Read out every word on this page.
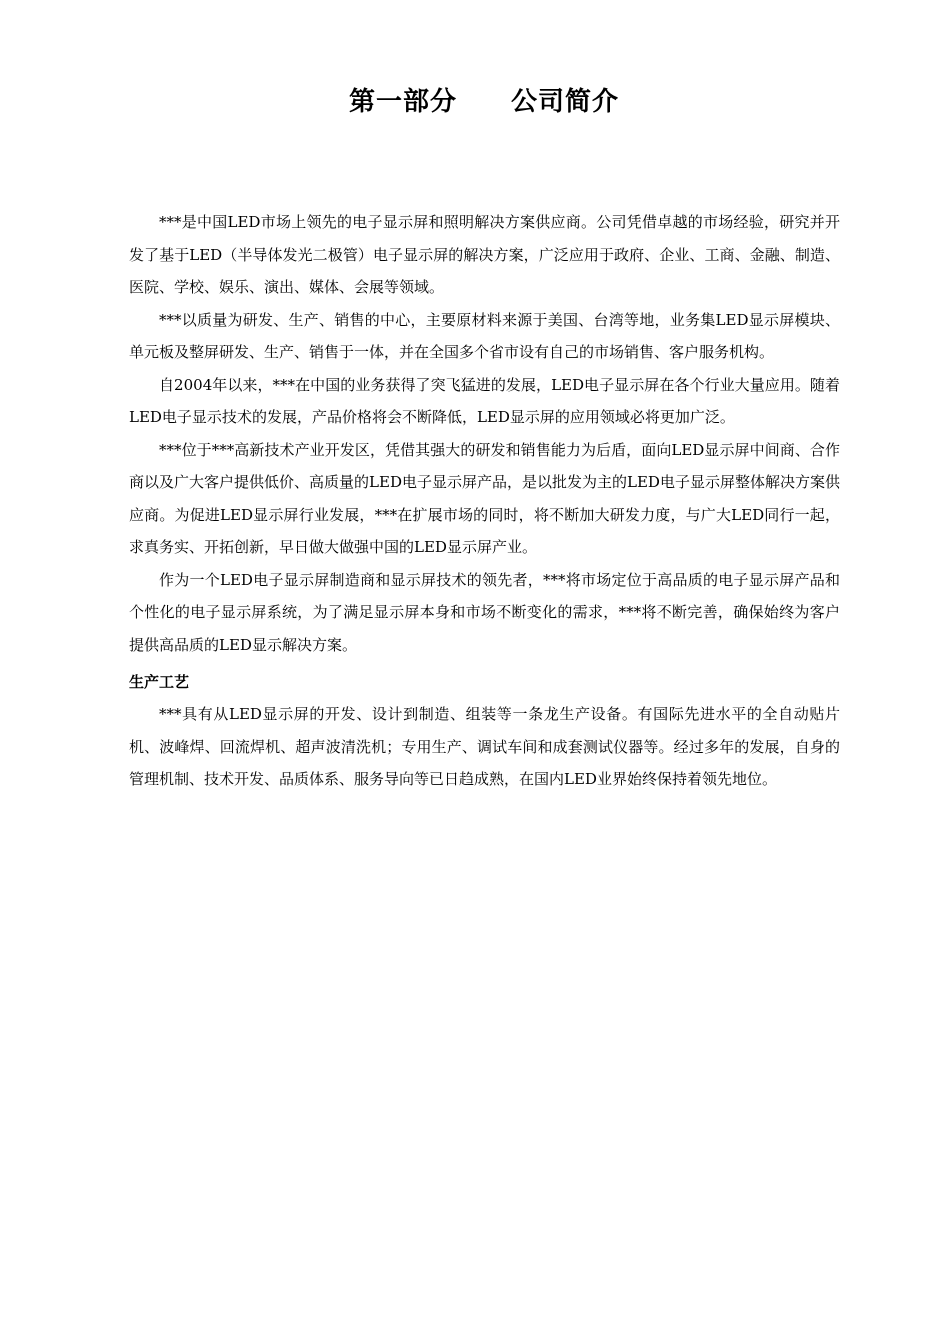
第一部分　　公司简介

***是中国LED市场上领先的电子显示屏和照明解决方案供应商。公司凭借卓越的市场经验，研究并开发了基于LED（半导体发光二极管）电子显示屏的解决方案，广泛应用于政府、企业、工商、金融、制造、医院、学校、娱乐、演出、媒体、会展等领域。

***以质量为研发、生产、销售的中心，主要原材料来源于美国、台湾等地，业务集LED显示屏模块、单元板及整屏研发、生产、销售于一体，并在全国多个省市设有自己的市场销售、客户服务机构。

自2004年以来，***在中国的业务获得了突飞猛进的发展，LED电子显示屏在各个行业大量应用。随着LED电子显示技术的发展，产品价格将会不断降低，LED显示屏的应用领域必将更加广泛。

***位于***高新技术产业开发区，凭借其强大的研发和销售能力为后盾，面向LED显示屏中间商、合作商以及广大客户提供低价、高质量的LED电子显示屏产品，是以批发为主的LED电子显示屏整体解决方案供应商。为促进LED显示屏行业发展，***在扩展市场的同时，将不断加大研发力度，与广大LED同行一起，求真务实、开拓创新，早日做大做强中国的LED显示屏产业。

作为一个LED电子显示屏制造商和显示屏技术的领先者，***将市场定位于高品质的电子显示屏产品和个性化的电子显示屏系统，为了满足显示屏本身和市场不断变化的需求，***将不断完善，确保始终为客户提供高品质的LED显示解决方案。

生产工艺

***具有从LED显示屏的开发、设计到制造、组装等一条龙生产设备。有国际先进水平的全自动贴片机、波峰焊、回流焊机、超声波清洗机；专用生产、调试车间和成套测试仪器等。经过多年的发展，自身的管理机制、技术开发、品质体系、服务导向等已日趋成熟，在国内LED业界始终保持着领先地位。
